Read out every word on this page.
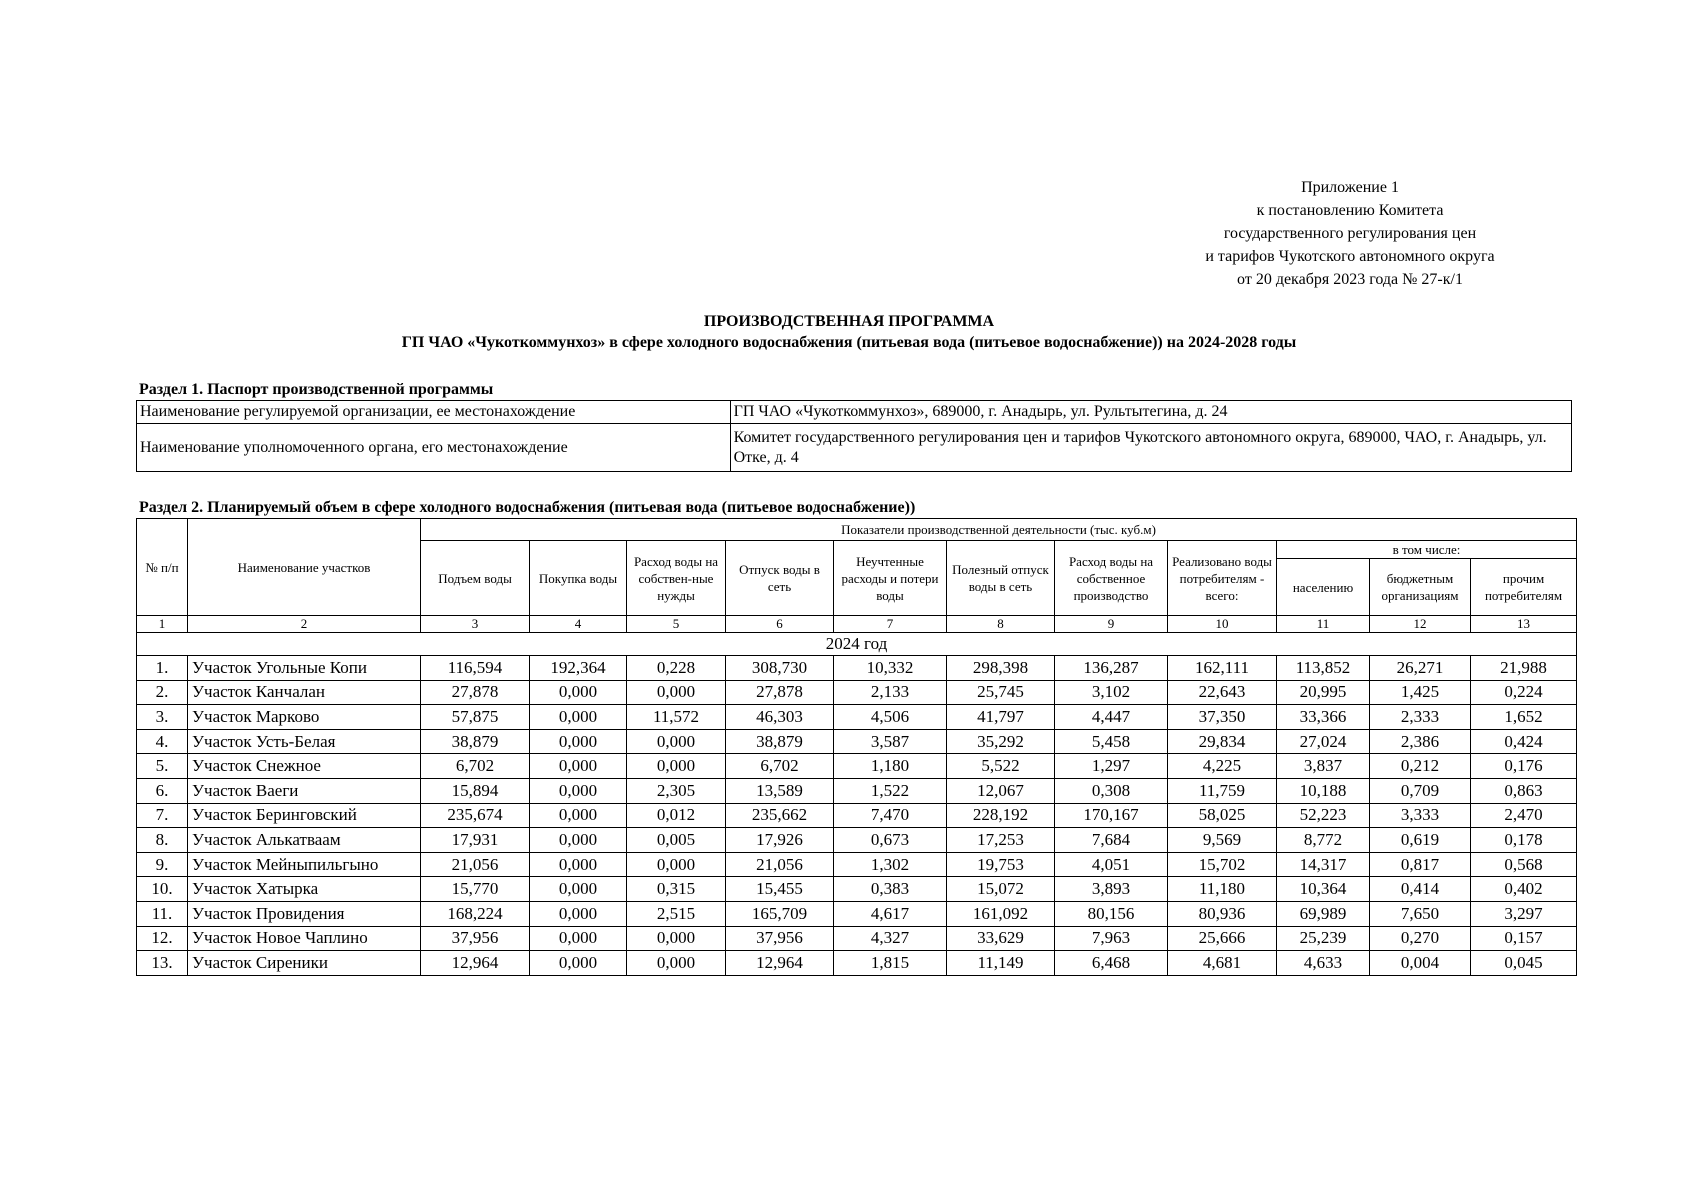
Приложение 1
к постановлению Комитета
государственного регулирования цен
и тарифов Чукотского автономного округа
от 20 декабря 2023 года № 27-к/1
ПРОИЗВОДСТВЕННАЯ ПРОГРАММА
ГП ЧАО «Чукоткоммунхоз» в сфере холодного водоснабжения (питьевая вода (питьевое водоснабжение)) на 2024-2028 годы
Раздел 1. Паспорт производственной программы
Наименование регулируемой организации, ее местонахождение	ГП ЧАО «Чукоткоммунхоз», 689000, г. Анадырь, ул. Рультытегина, д. 24
Наименование уполномоченного органа, его местонахождение	Комитет государственного регулирования цен и тарифов Чукотского автономного округа, 689000, ЧАО, г. Анадырь, ул. Отке, д. 4
Раздел 2. Планируемый объем в сфере холодного водоснабжения (питьевая вода (питьевое водоснабжение))
№ п/п	Наименование участков	Показатели производственной деятельности (тыс. куб.м)										
		Подъем воды	Покупка воды	Расход воды на собствен-ные нужды	Отпуск воды в сеть	Неучтенные расходы и потери воды	Полезный отпуск воды в сеть	Расход воды на собственное производство	Реализовано воды потребителям - всего:	в том числе:		
										населению	бюджетным организациям	прочим потребителям
1	2	3	4	5	6	7	8	9	10	11	12	13
2024 год												
1.	Участок Угольные Копи	116,594	192,364	0,228	308,730	10,332	298,398	136,287	162,111	113,852	26,271	21,988
2.	Участок Канчалан	27,878	0,000	0,000	27,878	2,133	25,745	3,102	22,643	20,995	1,425	0,224
3.	Участок Марково	57,875	0,000	11,572	46,303	4,506	41,797	4,447	37,350	33,366	2,333	1,652
4.	Участок Усть-Белая	38,879	0,000	0,000	38,879	3,587	35,292	5,458	29,834	27,024	2,386	0,424
5.	Участок Снежное	6,702	0,000	0,000	6,702	1,180	5,522	1,297	4,225	3,837	0,212	0,176
6.	Участок Ваеги	15,894	0,000	2,305	13,589	1,522	12,067	0,308	11,759	10,188	0,709	0,863
7.	Участок Беринговский	235,674	0,000	0,012	235,662	7,470	228,192	170,167	58,025	52,223	3,333	2,470
8.	Участок Алькатваам	17,931	0,000	0,005	17,926	0,673	17,253	7,684	9,569	8,772	0,619	0,178
9.	Участок Мейныпильгыно	21,056	0,000	0,000	21,056	1,302	19,753	4,051	15,702	14,317	0,817	0,568
10.	Участок Хатырка	15,770	0,000	0,315	15,455	0,383	15,072	3,893	11,180	10,364	0,414	0,402
11.	Участок Провидения	168,224	0,000	2,515	165,709	4,617	161,092	80,156	80,936	69,989	7,650	3,297
12.	Участок Новое Чаплино	37,956	0,000	0,000	37,956	4,327	33,629	7,963	25,666	25,239	0,270	0,157
13.	Участок Сиреники	12,964	0,000	0,000	12,964	1,815	11,149	6,468	4,681	4,633	0,004	0,045
